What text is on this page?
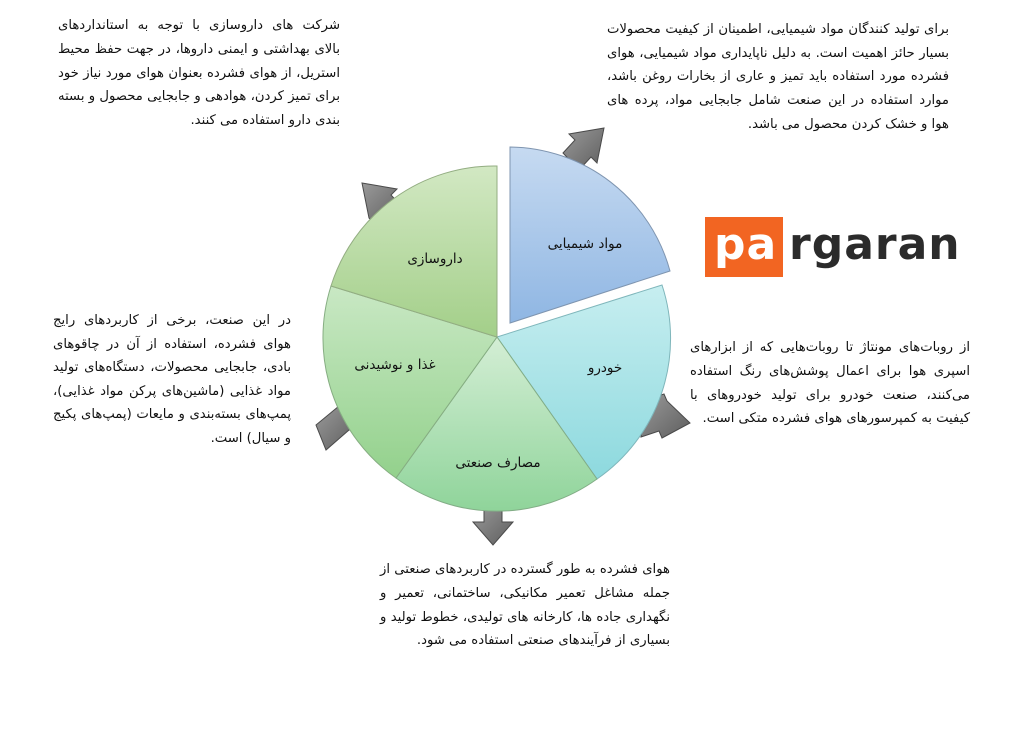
مواد شیمیایی
خودرو
مصارف صنعتی
غذا و نوشیدنی
داروسازی
برای تولید کنندگان مواد شیمیایی، اطمینان از کیفیت محصولات بسیار حائز اهمیت است. به دلیل ناپایداری مواد شیمیایی، هوای فشرده مورد استفاده باید تمیز و عاری از بخارات روغن باشد، موارد استفاده در این صنعت شامل جابجایی مواد، پرده های هوا و خشک کردن محصول می باشد.
شرکت های داروسازی با توجه به استانداردهای بالای بهداشتی و ایمنی داروها، در جهت حفظ محیط استریل، از هوای فشرده بعنوان هوای مورد نیاز خود برای تمیز کردن، هوادهی و جابجایی محصول و بسته بندی دارو استفاده می کنند.
در این صنعت، برخی از کاربردهای رایج هوای فشرده، استفاده از آن در چاقوهای بادی، جابجایی محصولات، دستگاه‌های تولید مواد غذایی (ماشین‌های پرکن مواد غذایی)، پمپ‌های بسته‌بندی و مایعات (پمپ‌های پکیج و سیال) است.
از روبات‌های مونتاژ تا روبات‌هایی که از ابزارهای اسپری هوا برای اعمال پوشش‌های رنگ استفاده می‌کنند، صنعت خودرو برای تولید خودروهای با کیفیت به کمپرسورهای هوای فشرده متکی است.
هوای فشرده به طور گسترده در کاربردهای صنعتی از جمله مشاغل تعمیر مکانیکی، ساختمانی، تعمیر و نگهداری جاده ها، کارخانه های تولیدی، خطوط تولید و بسیاری از فرآیندهای صنعتی استفاده می شود.
pa rgaran
